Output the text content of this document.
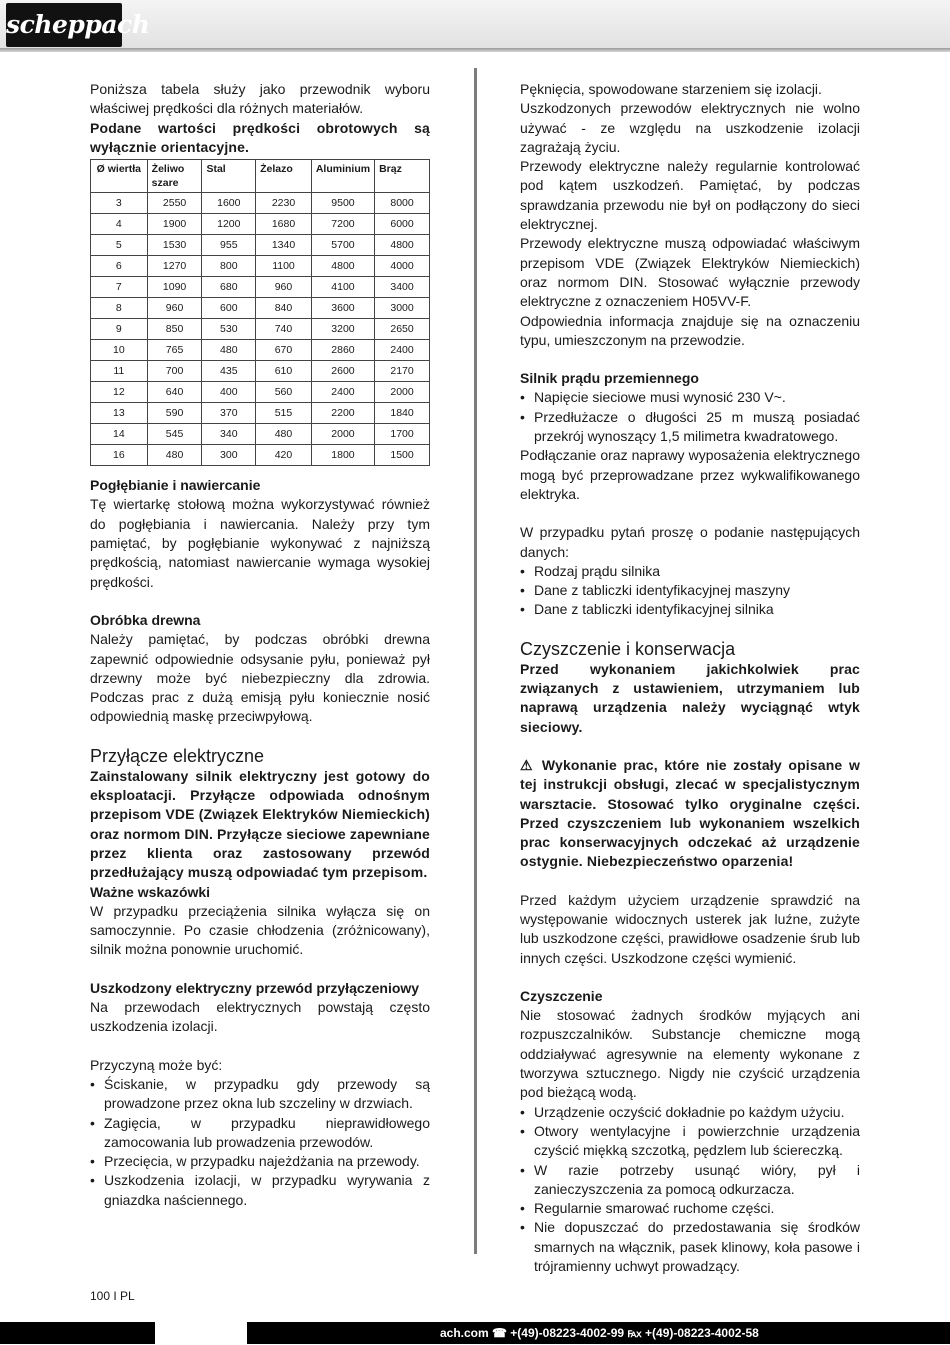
scheppach
Poniższa tabela służy jako przewodnik wyboru właściwej prędkości dla różnych materiałów.
Podane wartości prędkości obrotowych są wyłącznie orientacyjne.
Ø wiertła	Żeliwo szare	Stal	Żelazo	Aluminium	Brąz
3	2550	1600	2230	9500	8000
4	1900	1200	1680	7200	6000
5	1530	955	1340	5700	4800
6	1270	800	1100	4800	4000
7	1090	680	960	4100	3400
8	960	600	840	3600	3000
9	850	530	740	3200	2650
10	765	480	670	2860	2400
11	700	435	610	2600	2170
12	640	400	560	2400	2000
13	590	370	515	2200	1840
14	545	340	480	2000	1700
16	480	300	420	1800	1500
Pogłębianie i nawiercanie
Tę wiertarkę stołową można wykorzystywać również do pogłębiania i nawiercania. Należy przy tym pamiętać, by pogłębianie wykonywać z najniższą prędkością, natomiast nawiercanie wymaga wysokiej prędkości.
Obróbka drewna
Należy pamiętać, by podczas obróbki drewna zapewnić odpowiednie odsysanie pyłu, ponieważ pył drzewny może być niebezpieczny dla zdrowia. Podczas prac z dużą emisją pyłu koniecznie nosić odpowiednią maskę przeciwpyłową.
Przyłącze elektryczne
Zainstalowany silnik elektryczny jest gotowy do eksploatacji. Przyłącze odpowiada odnośnym przepisom VDE (Związek Elektryków Niemieckich) oraz normom DIN. Przyłącze sieciowe zapewniane przez klienta oraz zastosowany przewód przedłużający muszą odpowiadać tym przepisom.
Ważne wskazówki
W przypadku przeciążenia silnika wyłącza się on samoczynnie. Po czasie chłodzenia (zróżnicowany), silnik można ponownie uruchomić.
Uszkodzony elektryczny przewód przyłączeniowy
Na przewodach elektrycznych powstają często uszkodzenia izolacji.
Przyczyną może być:
• Ściskanie, w przypadku gdy przewody są prowadzone przez okna lub szczeliny w drzwiach.
• Zagięcia, w przypadku nieprawidłowego zamocowania lub prowadzenia przewodów.
• Przecięcia, w przypadku najeżdżania na przewody.
• Uszkodzenia izolacji, w przypadku wyrywania z gniazdka naściennego.
Pęknięcia, spowodowane starzeniem się izolacji.
Uszkodzonych przewodów elektrycznych nie wolno używać - ze względu na uszkodzenie izolacji zagrażają życiu.
Przewody elektryczne należy regularnie kontrolować pod kątem uszkodzeń. Pamiętać, by podczas sprawdzania przewodu nie był on podłączony do sieci elektrycznej.
Przewody elektryczne muszą odpowiadać właściwym przepisom VDE (Związek Elektryków Niemieckich) oraz normom DIN. Stosować wyłącznie przewody elektryczne z oznaczeniem H05VV-F.
Odpowiednia informacja znajduje się na oznaczeniu typu, umieszczonym na przewodzie.
Silnik prądu przemiennego
• Napięcie sieciowe musi wynosić 230 V~.
• Przedłużacze o długości 25 m muszą posiadać przekrój wynoszący 1,5 milimetra kwadratowego.
Podłączanie oraz naprawy wyposażenia elektrycznego mogą być przeprowadzane przez wykwalifikowanego elektryka.
W przypadku pytań proszę o podanie następujących danych:
• Rodzaj prądu silnika
• Dane z tabliczki identyfikacyjnej maszyny
• Dane z tabliczki identyfikacyjnej silnika
Czyszczenie i konserwacja
Przed wykonaniem jakichkolwiek prac związanych z ustawieniem, utrzymaniem lub naprawą urządzenia należy wyciągnąć wtyk sieciowy.
⚠ Wykonanie prac, które nie zostały opisane w tej instrukcji obsługi, zlecać w specjalistycznym warsztacie. Stosować tylko oryginalne części. Przed czyszczeniem lub wykonaniem wszelkich prac konserwacyjnych odczekać aż urządzenie ostygnie. Niebezpieczeństwo oparzenia!
Przed każdym użyciem urządzenie sprawdzić na występowanie widocznych usterek jak luźne, zużyte lub uszkodzone części, prawidłowe osadzenie śrub lub innych części. Uszkodzone części wymienić.
Czyszczenie
Nie stosować żadnych środków myjących ani rozpuszczalników. Substancje chemiczne mogą oddziaływać agresywnie na elementy wykonane z tworzywa sztucznego. Nigdy nie czyścić urządzenia pod bieżącą wodą.
• Urządzenie oczyścić dokładnie po każdym użyciu.
• Otwory wentylacyjne i powierzchnie urządzenia czyścić miękką szczotką, pędzlem lub ściereczką.
• W razie potrzeby usunąć wióry, pył i zanieczyszczenia za pomocą odkurzacza.
• Regularnie smarować ruchome części.
• Nie dopuszczać do przedostawania się środków smarnych na włącznik, pasek klinowy, koła pasowe i trójramienny uchwyt prowadzący.
100 I PL
ach.com ☎ +(49)-08223-4002-99 ℻ +(49)-08223-4002-58
